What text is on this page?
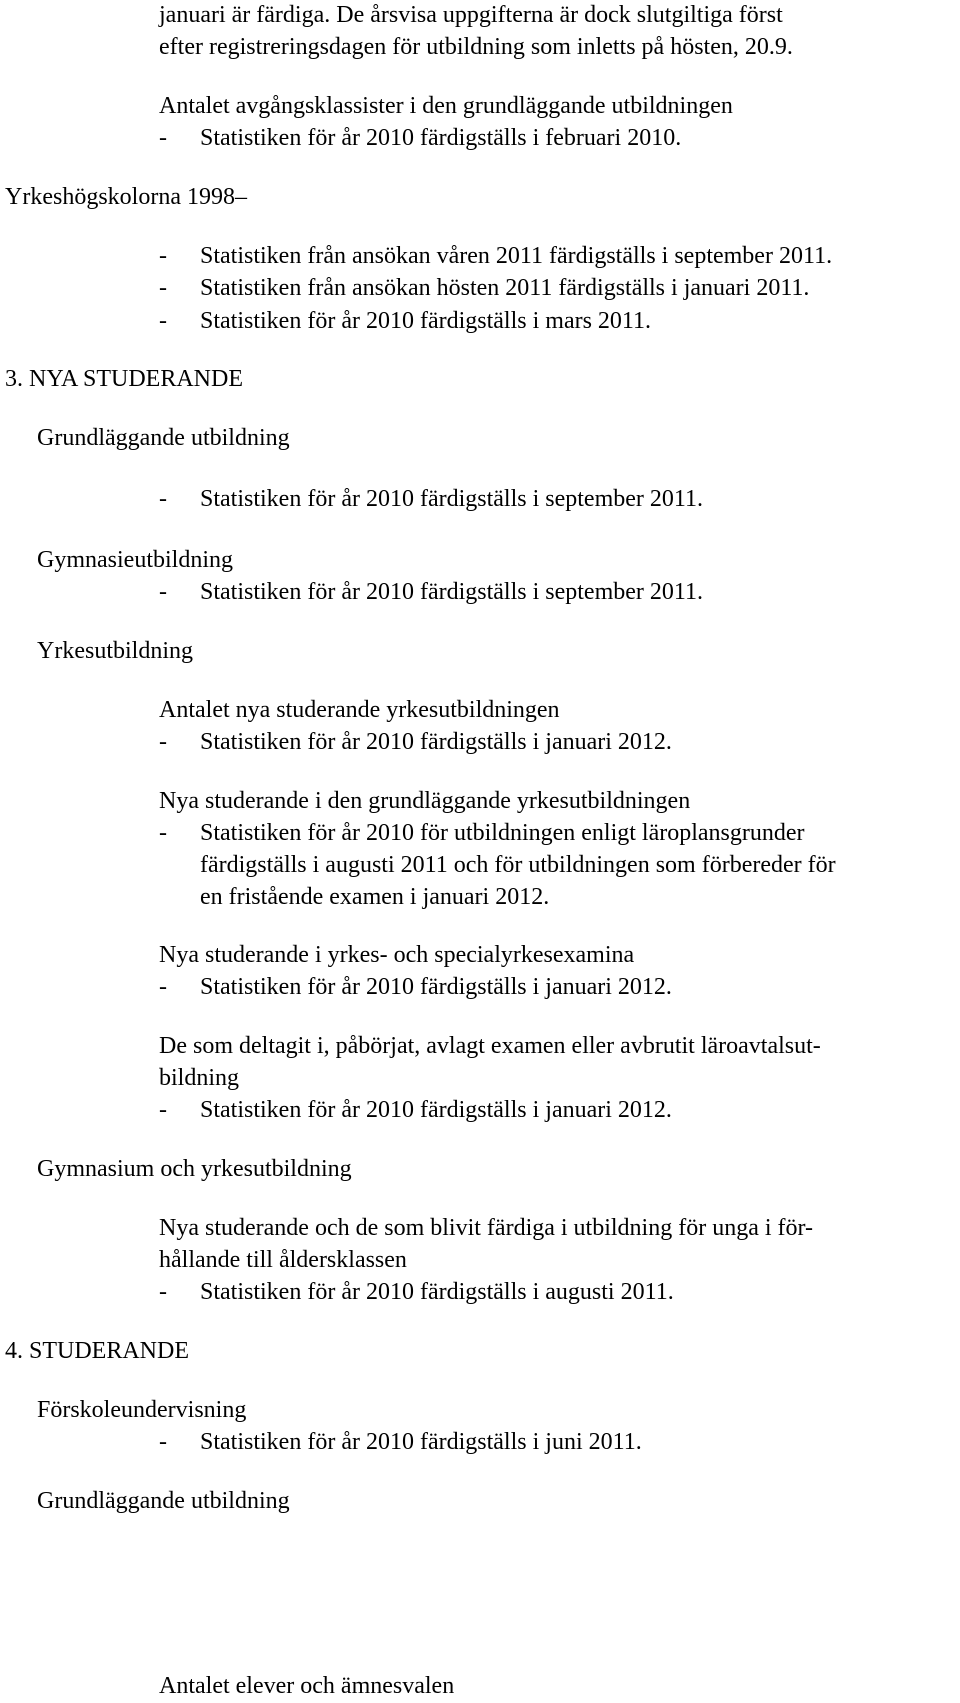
januari är färdiga. De årsvisa uppgifterna är dock slutgiltiga först
efter registreringsdagen för utbildning som inletts på hösten, 20.9.
Antalet avgångsklassister i den grundläggande utbildningen
- Statistiken för år 2010 färdigställs i februari 2010.
Yrkeshögskolorna 1998–
- Statistiken från ansökan våren 2011 färdigställs i september 2011.
- Statistiken från ansökan hösten 2011 färdigställs i januari 2011.
- Statistiken för år 2010 färdigställs i mars 2011.
3. NYA STUDERANDE
Grundläggande utbildning
- Statistiken för år 2010 färdigställs i september 2011.
Gymnasieutbildning
- Statistiken för år 2010 färdigställs i september 2011.
Yrkesutbildning
Antalet nya studerande yrkesutbildningen
- Statistiken för år 2010 färdigställs i januari 2012.
Nya studerande i den grundläggande yrkesutbildningen
- Statistiken för år 2010 för utbildningen enligt läroplansgrunder
färdigställs i augusti 2011 och för utbildningen som förbereder för
en fristående examen i januari 2012.
Nya studerande i yrkes- och specialyrkesexamina
- Statistiken för år 2010 färdigställs i januari 2012.
De som deltagit i, påbörjat, avlagt examen eller avbrutit läroavtalsut-
bildning
- Statistiken för år 2010 färdigställs i januari 2012.
Gymnasium och yrkesutbildning
Nya studerande och de som blivit färdiga i utbildning för unga i för-
hållande till åldersklassen
- Statistiken för år 2010 färdigställs i augusti 2011.
4. STUDERANDE
Förskoleundervisning
- Statistiken för år 2010 färdigställs i juni 2011.
Grundläggande utbildning
Antalet elever och ämnesvalen
